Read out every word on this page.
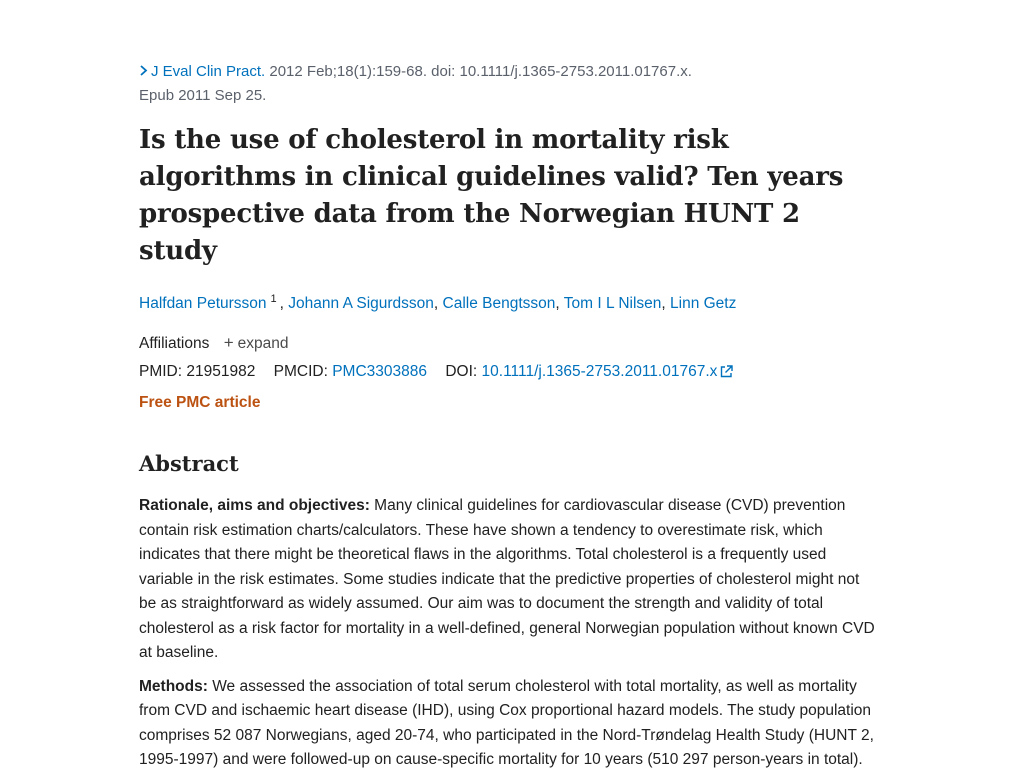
J Eval Clin Pract. 2012 Feb;18(1):159-68. doi: 10.1111/j.1365-2753.2011.01767.x.
Epub 2011 Sep 25.
Is the use of cholesterol in mortality risk algorithms in clinical guidelines valid? Ten years prospective data from the Norwegian HUNT 2 study
Halfdan Petursson $^1$ , Johann A Sigurdsson, Calle Bengtsson, Tom I L Nilsen, Linn Getz
Affiliations + expand
PMID: 21951982 PMCID: PMC3303886 DOI: 10.1111/j.1365-2753.2011.01767.x
Free PMC article
Abstract
Rationale, aims and objectives: Many clinical guidelines for cardiovascular disease (CVD) prevention contain risk estimation charts/calculators. These have shown a tendency to overestimate risk, which indicates that there might be theoretical flaws in the algorithms. Total cholesterol is a frequently used variable in the risk estimates. Some studies indicate that the predictive properties of cholesterol might not be as straightforward as widely assumed. Our aim was to document the strength and validity of total cholesterol as a risk factor for mortality in a well-defined, general Norwegian population without known CVD at baseline.
Methods: We assessed the association of total serum cholesterol with total mortality, as well as mortality from CVD and ischaemic heart disease (IHD), using Cox proportional hazard models. The study population comprises 52 087 Norwegians, aged 20-74, who participated in the Nord-Trøndelag Health Study (HUNT 2, 1995-1997) and were followed-up on cause-specific mortality for 10 years (510 297 person-years in total).
